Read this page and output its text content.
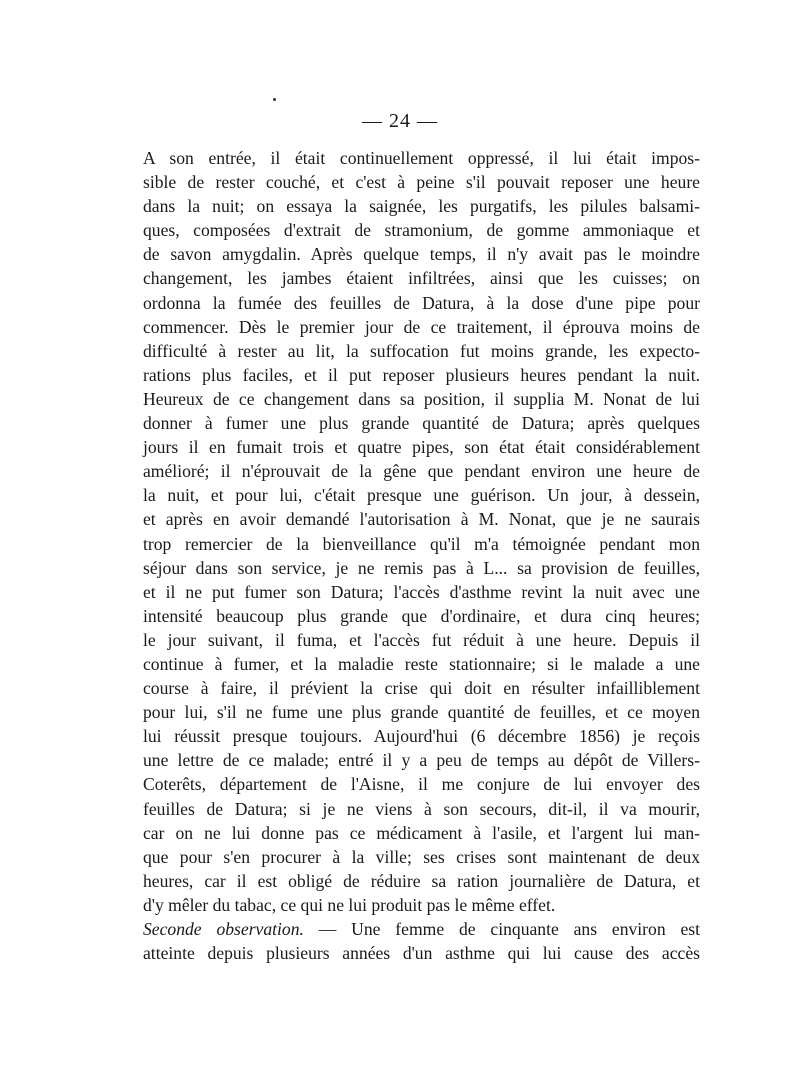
— 24 —
A son entrée, il était continuellement oppressé, il lui était impos-
sible de rester couché, et c'est à peine s'il pouvait reposer une heure
dans la nuit; on essaya la saignée, les purgatifs, les pilules balsami-
ques, composées d'extrait de stramonium, de gomme ammoniaque et
de savon amygdalin. Après quelque temps, il n'y avait pas le moindre
changement, les jambes étaient infiltrées, ainsi que les cuisses; on
ordonna la fumée des feuilles de Datura, à la dose d'une pipe pour
commencer. Dès le premier jour de ce traitement, il éprouva moins de
difficulté à rester au lit, la suffocation fut moins grande, les expecto-
rations plus faciles, et il put reposer plusieurs heures pendant la nuit.
Heureux de ce changement dans sa position, il supplia M. Nonat de lui
donner à fumer une plus grande quantité de Datura; après quelques
jours il en fumait trois et quatre pipes, son état était considérablement
amélioré; il n'éprouvait de la gêne que pendant environ une heure de
la nuit, et pour lui, c'était presque une guérison. Un jour, à dessein,
et après en avoir demandé l'autorisation à M. Nonat, que je ne saurais
trop remercier de la bienveillance qu'il m'a témoignée pendant mon
séjour dans son service, je ne remis pas à L... sa provision de feuilles,
et il ne put fumer son Datura; l'accès d'asthme revint la nuit avec une
intensité beaucoup plus grande que d'ordinaire, et dura cinq heures;
le jour suivant, il fuma, et l'accès fut réduit à une heure. Depuis il
continue à fumer, et la maladie reste stationnaire; si le malade a une
course à faire, il prévient la crise qui doit en résulter infailliblement
pour lui, s'il ne fume une plus grande quantité de feuilles, et ce moyen
lui réussit presque toujours. Aujourd'hui (6 décembre 1856) je reçois
une lettre de ce malade; entré il y a peu de temps au dépôt de Villers-
Coterêts, département de l'Aisne, il me conjure de lui envoyer des
feuilles de Datura; si je ne viens à son secours, dit-il, il va mourir,
car on ne lui donne pas ce médicament à l'asile, et l'argent lui man-
que pour s'en procurer à la ville; ses crises sont maintenant de deux
heures, car il est obligé de réduire sa ration journalière de Datura, et
d'y mêler du tabac, ce qui ne lui produit pas le même effet.
Seconde observation. — Une femme de cinquante ans environ est
atteinte depuis plusieurs années d'un asthme qui lui cause des accès
